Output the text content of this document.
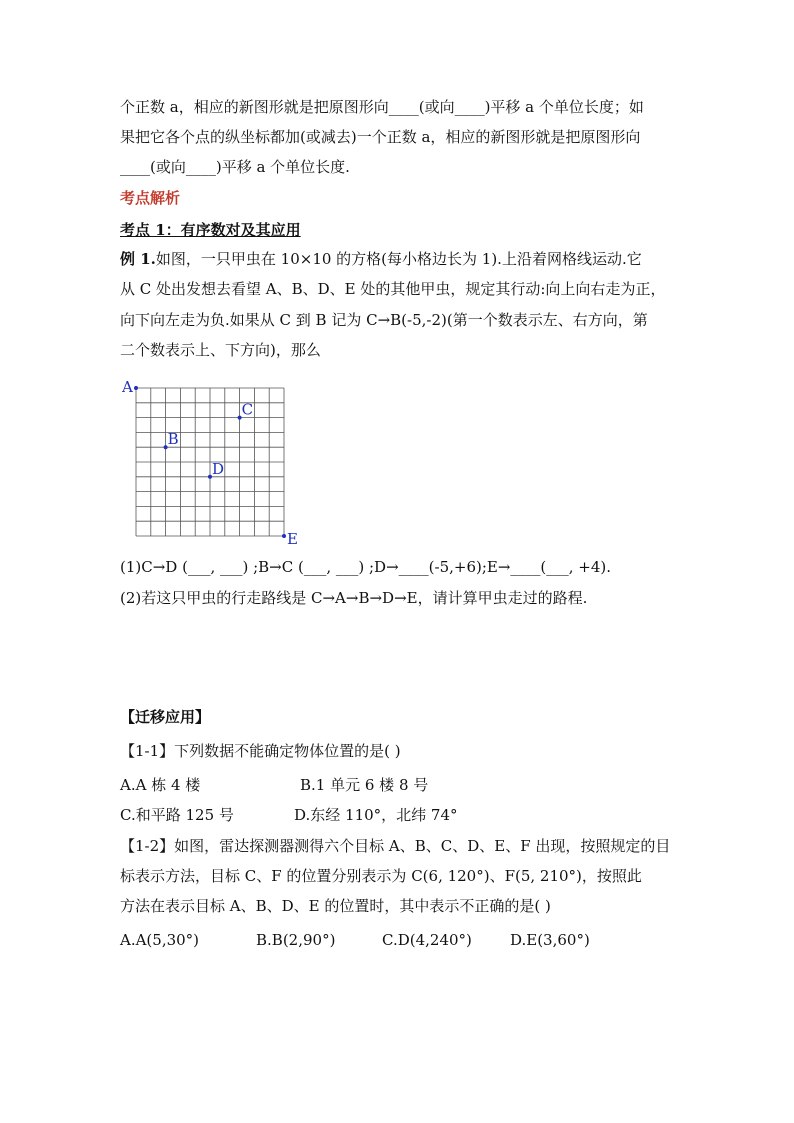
个正数 a，相应的新图形就是把原图形向____(或向____)平移 a 个单位长度；如
果把它各个点的纵坐标都加(或减去)一个正数 a，相应的新图形就是把原图形向
____(或向____)平移 a 个单位长度.
考点解析
考点 1：有序数对及其应用
例 1.如图，一只甲虫在 10×10 的方格(每小格边长为 1).上沿着网格线运动.它
从 C 处出发想去看望 A、B、D、E 处的其他甲虫，规定其行动:向上向右走为正，
向下向左走为负.如果从 C 到 B 记为 C→B(-5,-2)(第一个数表示左、右方向，第
二个数表示上、下方向)，那么
A
B
C
D
E
(1)C→D (___, ___) ;B→C (___, ___) ;D→____(-5,+6);E→____(___, +4).
(2)若这只甲虫的行走路线是 C→A→B→D→E，请计算甲虫走过的路程.
【迁移应用】
【1-1】下列数据不能确定物体位置的是( )
A.A 栋 4 楼	B.1 单元 6 楼 8 号
C.和平路 125 号	D.东经 110°，北纬 74°
【1-2】如图，雷达探测器测得六个目标 A、B、C、D、E、F 出现，按照规定的目
标表示方法，目标 C、F 的位置分别表示为 C(6, 120°)、F(5, 210°)，按照此
方法在表示目标 A、B、D、E 的位置时，其中表示不正确的是( )
A.A(5,30°)	B.B(2,90°)	C.D(4,240°)	D.E(3,60°)
